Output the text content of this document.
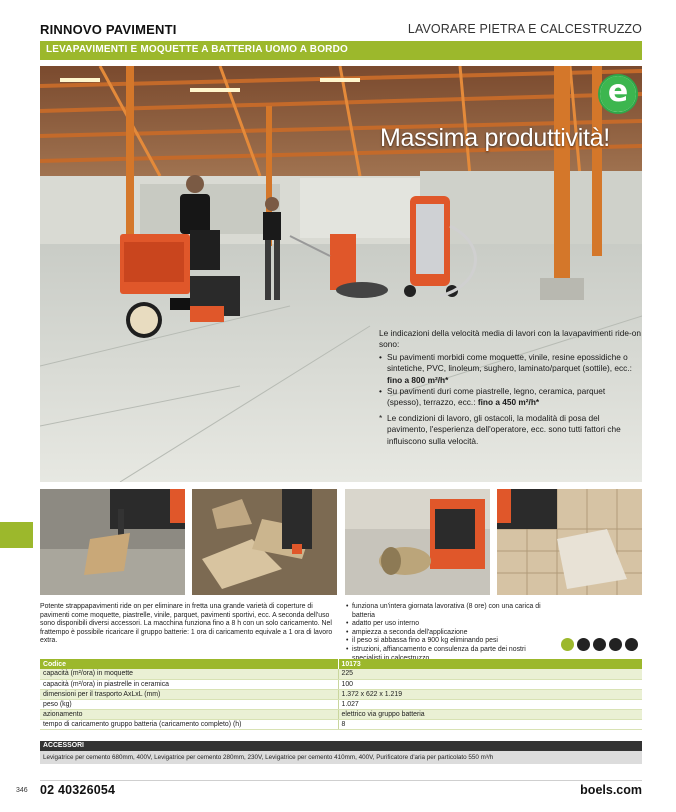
RINNOVO PAVIMENTI	LAVORARE PIETRA E CALCESTRUZZO
LEVAPAVIMENTI E MOQUETTE A BATTERIA UOMO A BORDO
e
Massima produttività!

Le indicazioni della velocità media di lavori con la lavapavimenti ride-on sono:

• Su pavimenti morbidi come moquette, vinile, resine epossidiche o sintetiche, PVC, linoleum, sughero, laminato/parquet (sottile), ecc.: fino a 800 m²/h*
• Su pavimenti duri come piastrelle, legno, ceramica, parquet (spesso), terrazzo, ecc.: fino a 450 m²/h*

* Le condizioni di lavoro, gli ostacoli, la modalità di posa del pavimento, l'esperienza dell'operatore, ecc. sono tutti fattori che influiscono sulla velocità.

Potente strappapavimenti ride on per eliminare in fretta una grande varietà di coperture di pavimenti come moquette, piastrelle, vinile, parquet, pavimenti sportivi, ecc. A seconda dell'uso sono disponibili diversi accessori. La macchina funziona fino a 8 h con un solo caricamento. Nel frattempo è possibile ricaricare il gruppo batterie: 1 ora di caricamento equivale a 1 ora di lavoro extra.
• funziona un'intera giornata lavorativa (8 ore) con una carica di batteria
• adatto per uso interno
• ampiezza a seconda dell'applicazione
• il peso si abbassa fino a 900 kg eliminando pesi
• istruzioni, affiancamento e consulenza da parte dei nostri
Codice	10173
capacità (m²/ora) in moquette	225
capacità (m²/ora) in piastrelle in ceramica	100
dimensioni per il trasporto AxLxL (mm)	1.372 x 622 x 1.219
peso (kg)	1.027
azionamento	elettrico via gruppo batteria
tempo di caricamento gruppo batteria (caricamento completo) (h)	8
ACCESSORI
Levigatrice per cemento 680mm, 400V, Levigatrice per cemento 280mm, 230V, Levigatrice per cemento 410mm, 400V, Purificatore d'aria per particolato 550 m³/h
346 02 40326054	boels.com
